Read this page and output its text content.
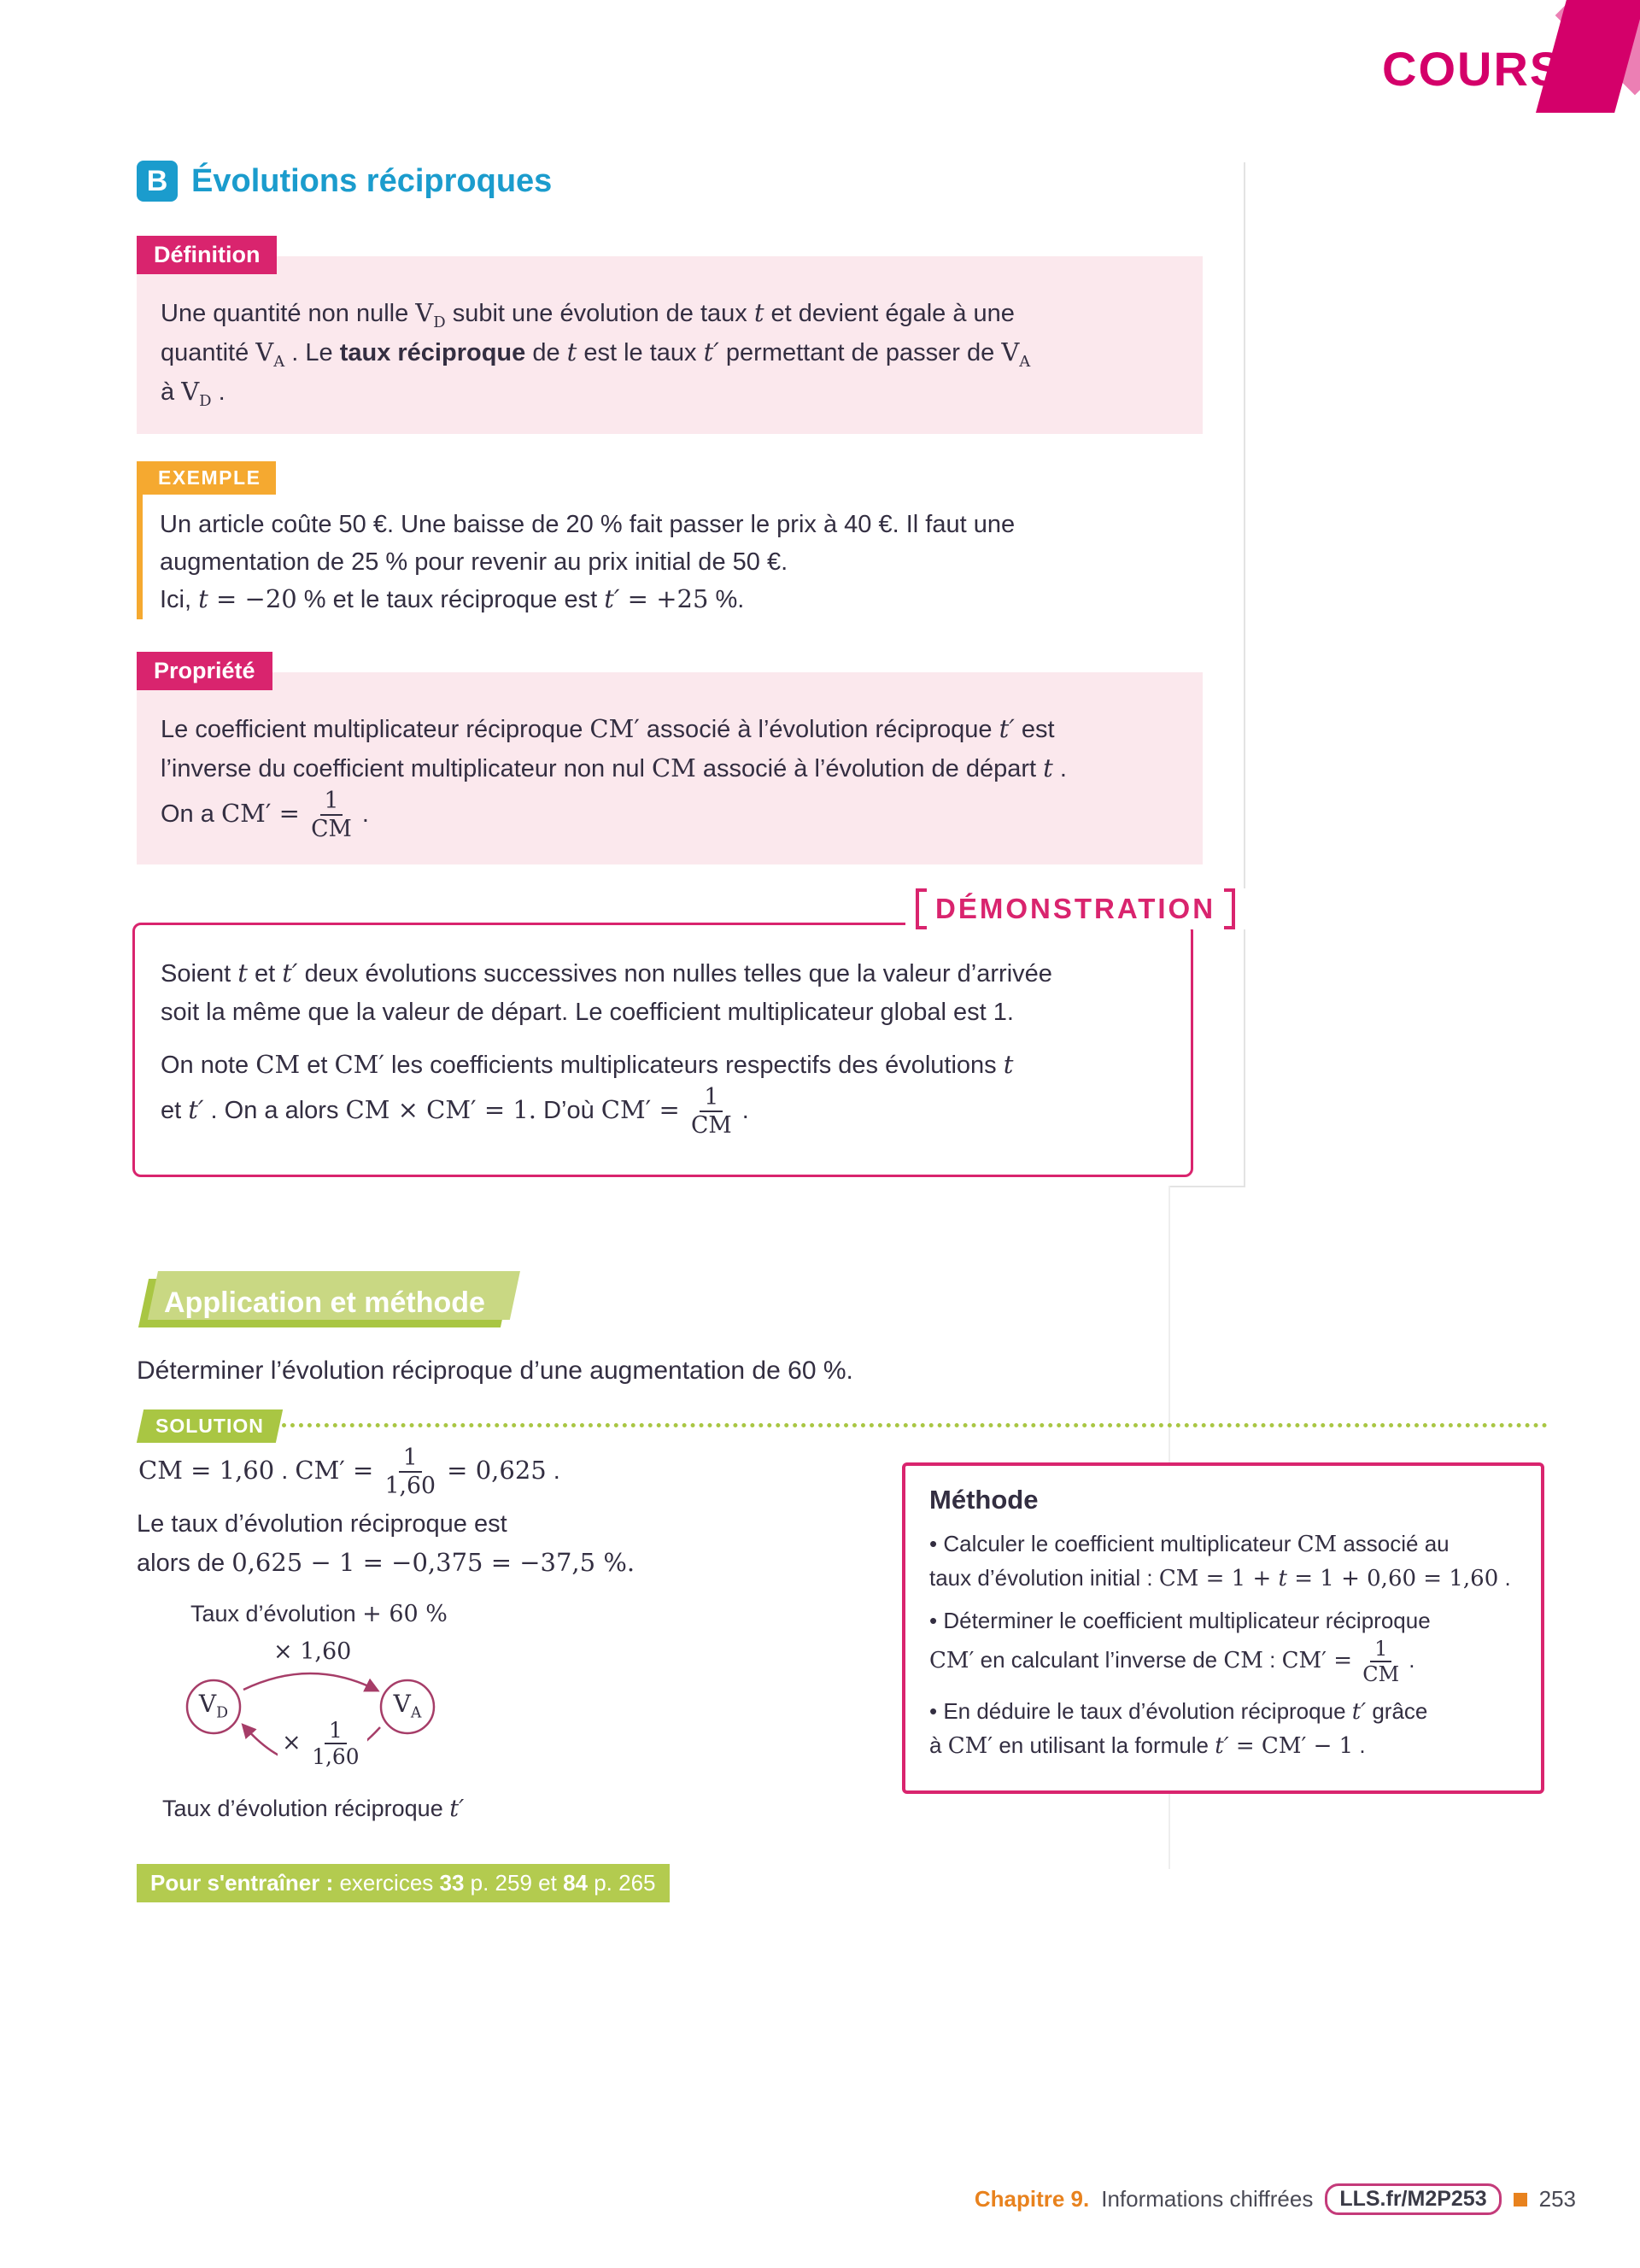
COURS
B Évolutions réciproques
Définition
Une quantité non nulle $V_D$ subit une évolution de taux t et devient égale à une
quantité $V_A$ . Le taux réciproque de t est le taux t′ permettant de passer de $V_A$
à $V_D$ .
EXEMPLE
Un article coûte 50 €. Une baisse de 20 % fait passer le prix à 40 €. Il faut une
augmentation de 25 % pour revenir au prix initial de 50 €.
Ici, t = −20 % et le taux réciproque est t′ = +25 %.
Propriété
Le coefficient multiplicateur réciproque CM′ associé à l’évolution réciproque t′ est
l’inverse du coefficient multiplicateur non nul CM associé à l’évolution de départ t .
On a $CM' = \frac{1}{CM}$ .
DÉMONSTRATION

Soient t et t′ deux évolutions successives non nulles telles que la valeur d’arrivée
soit la même que la valeur de départ. Le coefficient multiplicateur global est 1.

On note CM et CM′ les coefficients multiplicateurs respectifs des évolutions t
et t′ . On a alors CM × CM′ = 1. D’où $CM' = \frac{1}{CM}$ .

Application et méthode
Déterminer l’évolution réciproque d’une augmentation de 60 %.
SOLUTION
CM = 1,60 . $CM' = \frac{1}{1,60} = 0,625$ .
Le taux d’évolution réciproque est
alors de 0,625 − 1 = −0,375 = −37,5 %.
Taux d’évolution + 60 %
× 1,60
$V_D$	$V_A$
× $\frac{1}{1,60}$
Taux d’évolution réciproque t′

Méthode

• Calculer le coefficient multiplicateur CM associé au
taux d’évolution initial : CM = 1 + t = 1 + 0,60 = 1,60 .

• Déterminer le coefficient multiplicateur réciproque
CM′ en calculant l’inverse de CM : $CM' = \frac{1}{CM}$ .

• En déduire le taux d’évolution réciproque t′ grâce
à CM′ en utilisant la formule t′ = CM′ − 1 .

Pour s'entraîner : exercices 33 p. 259 et 84 p. 265
Chapitre 9. Informations chiffrées	LLS.fr/M2P253	253
